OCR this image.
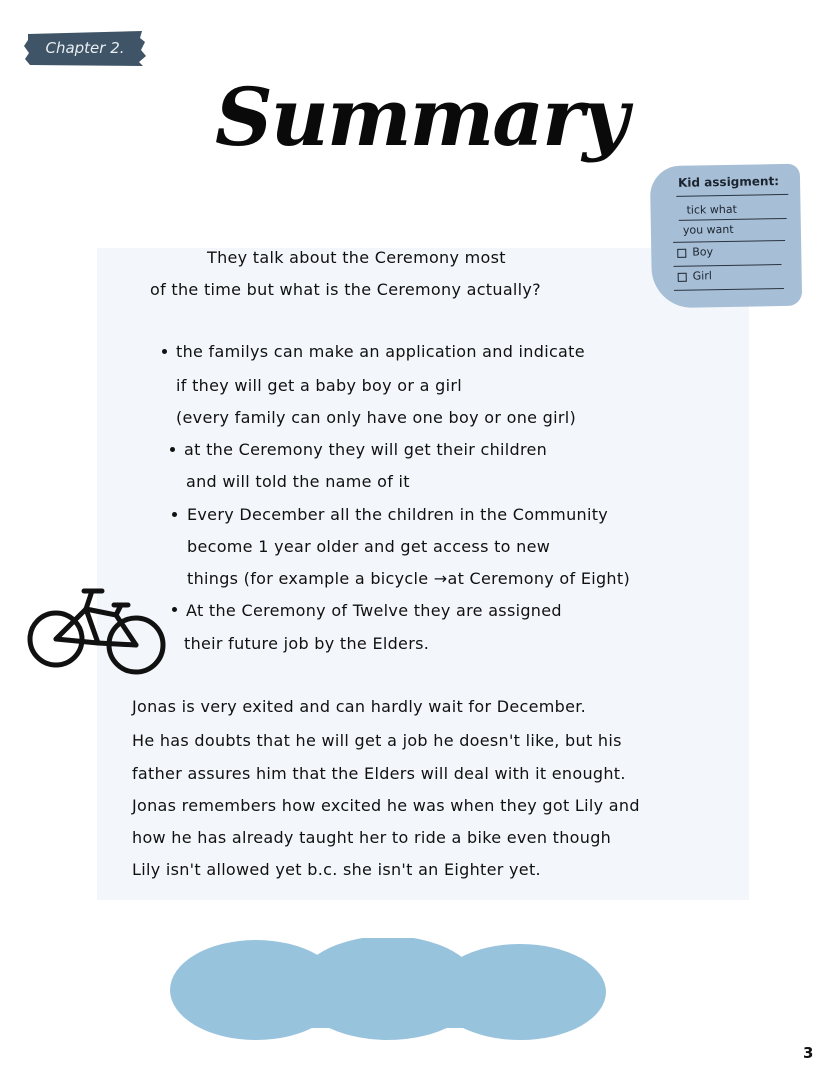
Chapter 2.
Summary
Kid assigment:
tick what
you want
Boy
Girl
They talk about the Ceremony most
of the time but what is the Ceremony actually?
the familys can make an application and indicate
if they will get a baby boy or a girl
(every family can only have one boy or one girl)
at the Ceremony they will get their children
and will told the name of it
Every December all the children in the Community
become 1 year older and get access to new
things (for example a bicycle →at Ceremony of Eight)
At the Ceremony of Twelve they are assigned
their future job by the Elders.
Jonas is very exited and can hardly wait for December.
He has doubts that he will get a job he doesn't like, but his
father assures him that the Elders will deal with it enought.
Jonas remembers how excited he was when they got Lily and
how he has already taught her to ride a bike even though
Lily isn't allowed yet b.c. she isn't an Eighter yet.
3
